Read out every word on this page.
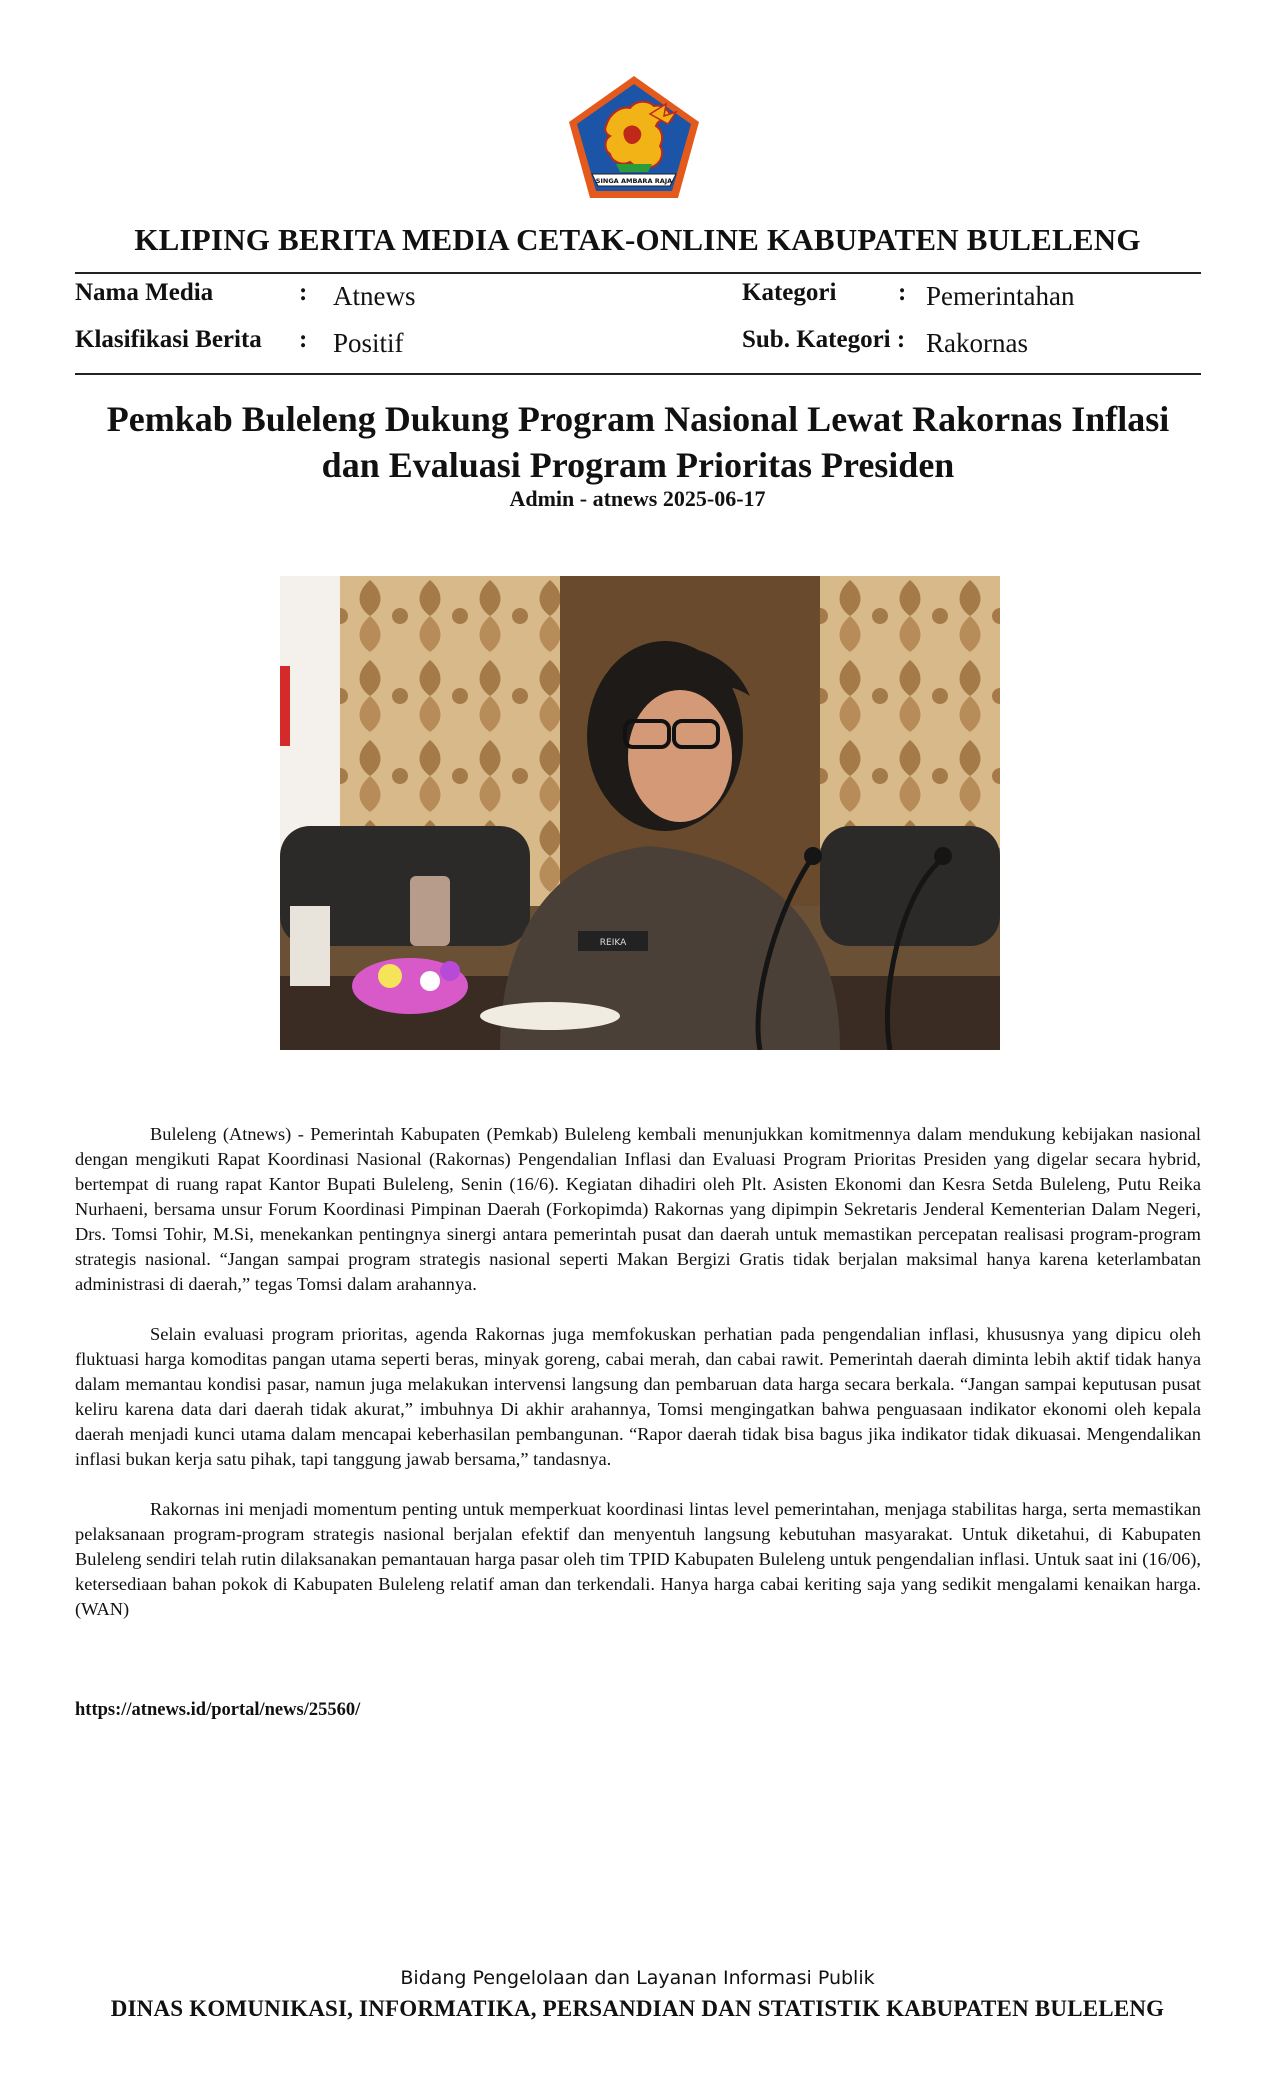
SINGA AMBARA RAJA
KLIPING BERITA MEDIA CETAK-ONLINE KABUPATEN BULELENG
Nama Media	: Atnews	Kategori : Pemerintahan
Klasifikasi Berita : Positif	Sub. Kategori : Rakornas
Pemkab Buleleng Dukung Program Nasional Lewat Rakornas Inflasi
dan Evaluasi Program Prioritas Presiden
Admin - atnews 2025-06-17
REIKA

Buleleng (Atnews) - Pemerintah Kabupaten (Pemkab) Buleleng kembali menunjukkan komitmennya dalam mendukung kebijakan nasional dengan mengikuti Rapat Koordinasi Nasional (Rakornas) Pengendalian Inflasi dan Evaluasi Program Prioritas Presiden yang digelar secara hybrid, bertempat di ruang rapat Kantor Bupati Buleleng, Senin (16/6). Kegiatan dihadiri oleh Plt. Asisten Ekonomi dan Kesra Setda Buleleng, Putu Reika Nurhaeni, bersama unsur Forum Koordinasi Pimpinan Daerah (Forkopimda) Rakornas yang dipimpin Sekretaris Jenderal Kementerian Dalam Negeri, Drs. Tomsi Tohir, M.Si, menekankan pentingnya sinergi antara pemerintah pusat dan daerah untuk memastikan percepatan realisasi program-program strategis nasional. “Jangan sampai program strategis nasional seperti Makan Bergizi Gratis tidak berjalan maksimal hanya karena keterlambatan administrasi di daerah,” tegas Tomsi dalam arahannya.

Selain evaluasi program prioritas, agenda Rakornas juga memfokuskan perhatian pada pengendalian inflasi, khususnya yang dipicu oleh fluktuasi harga komoditas pangan utama seperti beras, minyak goreng, cabai merah, dan cabai rawit. Pemerintah daerah diminta lebih aktif tidak hanya dalam memantau kondisi pasar, namun juga melakukan intervensi langsung dan pembaruan data harga secara berkala. “Jangan sampai keputusan pusat keliru karena data dari daerah tidak akurat,” imbuhnya Di akhir arahannya, Tomsi mengingatkan bahwa penguasaan indikator ekonomi oleh kepala daerah menjadi kunci utama dalam mencapai keberhasilan pembangunan. “Rapor daerah tidak bisa bagus jika indikator tidak dikuasai. Mengendalikan inflasi bukan kerja satu pihak, tapi tanggung jawab bersama,” tandasnya.

Rakornas ini menjadi momentum penting untuk memperkuat koordinasi lintas level pemerintahan, menjaga stabilitas harga, serta memastikan pelaksanaan program-program strategis nasional berjalan efektif dan menyentuh langsung kebutuhan masyarakat. Untuk diketahui, di Kabupaten Buleleng sendiri telah rutin dilaksanakan pemantauan harga pasar oleh tim TPID Kabupaten Buleleng untuk pengendalian inflasi. Untuk saat ini (16/06), ketersediaan bahan pokok di Kabupaten Buleleng relatif aman dan terkendali. Hanya harga cabai keriting saja yang sedikit mengalami kenaikan harga. (WAN)

https://atnews.id/portal/news/25560/
Bidang Pengelolaan dan Layanan Informasi Publik
DINAS KOMUNIKASI, INFORMATIKA, PERSANDIAN DAN STATISTIK KABUPATEN BULELENG
